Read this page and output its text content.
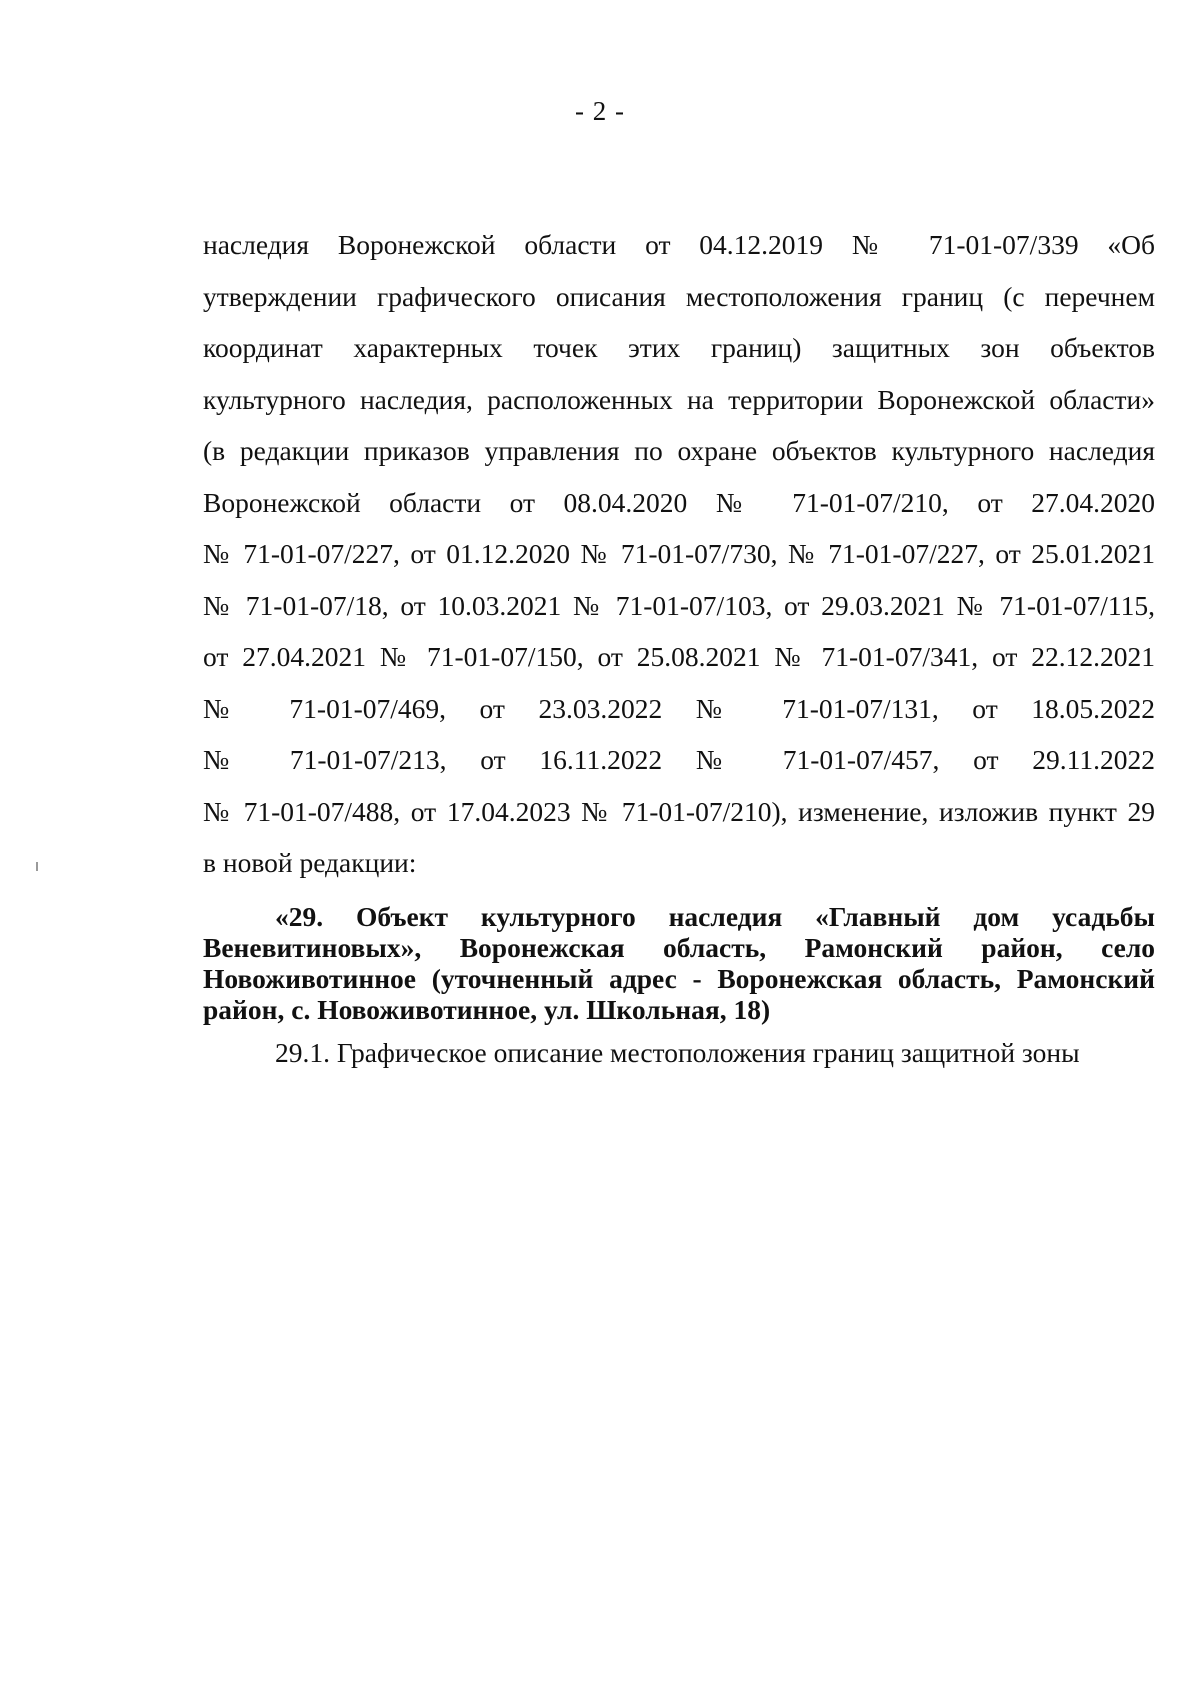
- 2 -
наследия Воронежской области от 04.12.2019 № 71-01-07/339 «Об
утверждении графического описания местоположения границ (с перечнем
координат характерных точек этих границ) защитных зон объектов
культурного наследия, расположенных на территории Воронежской области»
(в редакции приказов управления по охране объектов культурного наследия
Воронежской области от 08.04.2020 № 71-01-07/210, от 27.04.2020
№ 71-01-07/227, от 01.12.2020 № 71-01-07/730, № 71-01-07/227, от 25.01.2021
№ 71-01-07/18, от 10.03.2021 № 71-01-07/103, от 29.03.2021 № 71-01-07/115,
от 27.04.2021 № 71-01-07/150, от 25.08.2021 № 71-01-07/341, от 22.12.2021
№ 71-01-07/469, от 23.03.2022 № 71-01-07/131, от 18.05.2022
№ 71-01-07/213, от 16.11.2022 № 71-01-07/457, от 29.11.2022
№ 71-01-07/488, от 17.04.2023 № 71-01-07/210), изменение, изложив пункт 29
в новой редакции:
«29. Объект культурного наследия «Главный дом усадьбы
Веневитиновых», Воронежская область, Рамонский район, село
Новоживотинное (уточненный адрес - Воронежская область, Рамонский
район, с. Новоживотинное, ул. Школьная, 18)
29.1. Графическое описание местоположения границ защитной зоны
